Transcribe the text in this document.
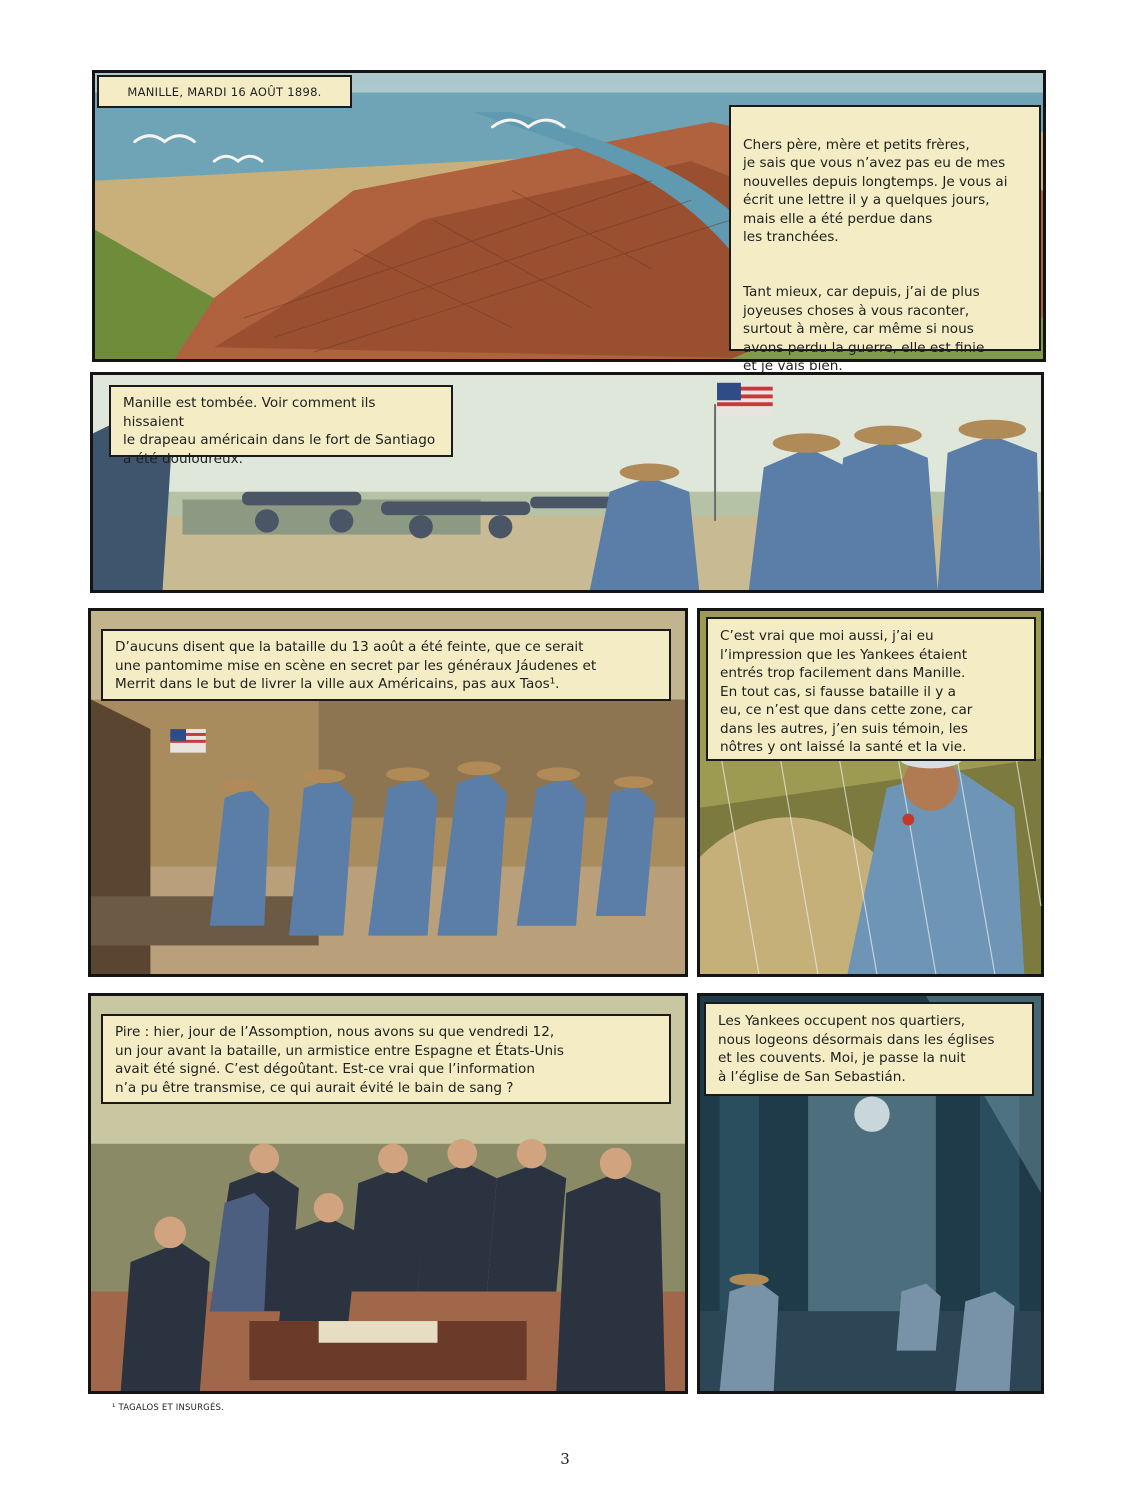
MANILLE, MARDI 16 AOÛT 1898.

Chers père, mère et petits frères,
je sais que vous n’avez pas eu de mes
nouvelles depuis longtemps. Je vous ai
écrit une lettre il y a quelques jours,
mais elle a été perdue dans
les tranchées.

Tant mieux, car depuis, j’ai de plus
joyeuses choses à vous raconter,
surtout à mère, car même si nous
avons perdu la guerre, elle est finie
et je vais bien.

Manille est tombée. Voir comment ils hissaient
le drapeau américain dans le fort de Santiago
a été douloureux.
D’aucuns disent que la bataille du 13 août a été feinte, que ce serait
une pantomime mise en scène en secret par les généraux Jáudenes et
Merrit dans le but de livrer la ville aux Américains, pas aux Taos¹.
C’est vrai que moi aussi, j’ai eu
l’impression que les Yankees étaient
entrés trop facilement dans Manille.
En tout cas, si fausse bataille il y a
eu, ce n’est que dans cette zone, car
dans les autres, j’en suis témoin, les
nôtres y ont laissé la santé et la vie.
Pire : hier, jour de l’Assomption, nous avons su que vendredi 12,
un jour avant la bataille, un armistice entre Espagne et États-Unis
avait été signé. C’est dégoûtant. Est-ce vrai que l’information
n’a pu être transmise, ce qui aurait évité le bain de sang ?
Les Yankees occupent nos quartiers,
nous logeons désormais dans les églises
et les couvents. Moi, je passe la nuit
à l’église de San Sebastián.
¹ TAGALOS ET INSURGÉS.
3
